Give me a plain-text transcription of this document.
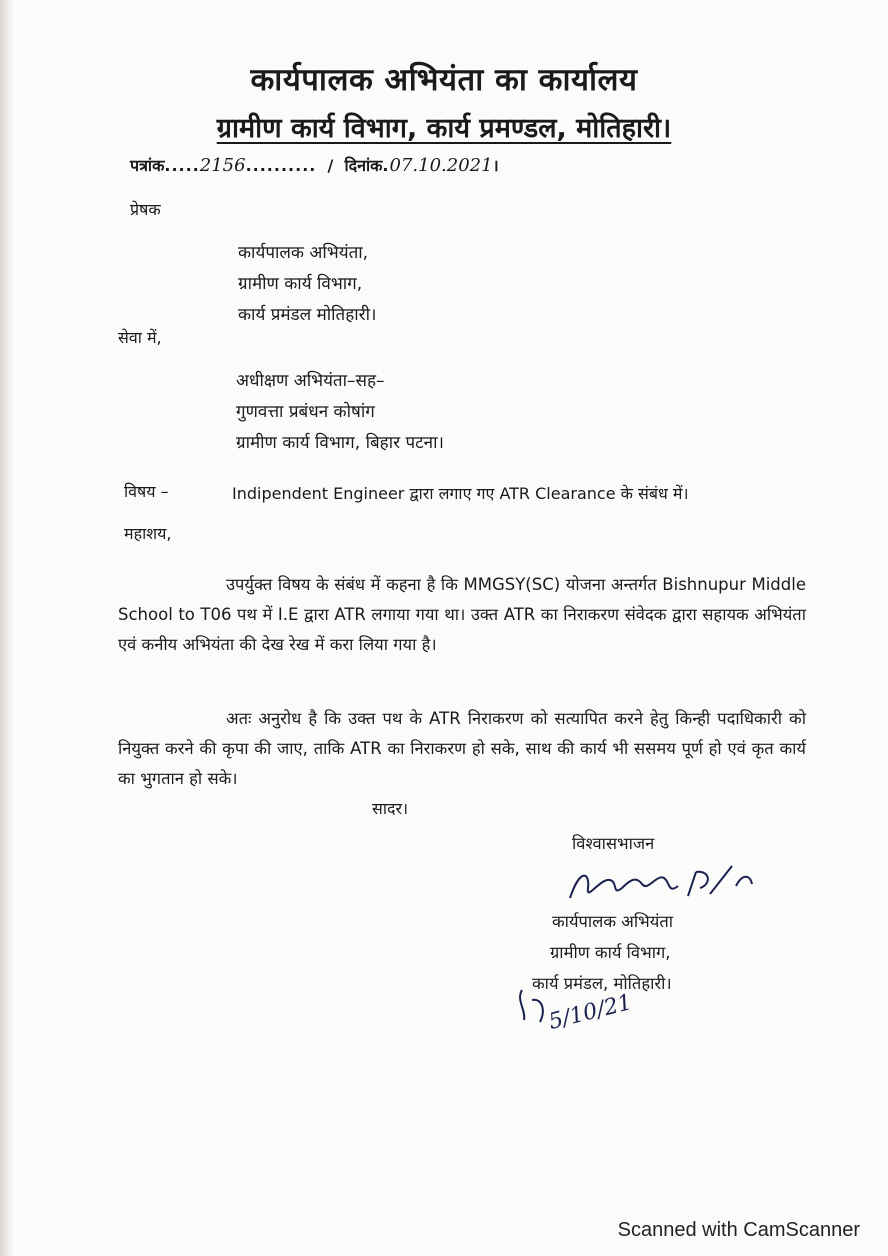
कार्यपालक अभियंता का कार्यालय
ग्रामीण कार्य विभाग, कार्य प्रमण्डल, मोतिहारी।
पत्रांक.....2156..........  /  दिनांक.07.10.2021।
प्रेषक
कार्यपालक अभियंता,
ग्रामीण कार्य विभाग,
कार्य प्रमंडल मोतिहारी।
सेवा में,
अधीक्षण अभियंता–सह–
गुणवत्ता प्रबंधन कोषांग
ग्रामीण कार्य विभाग, बिहार पटना।
विषय –	Indipendent Engineer द्वारा लगाए गए ATR Clearance के संबंध में।
महाशय,

उपर्युक्त विषय के संबंध में कहना है कि MMGSY(SC) योजना अन्तर्गत Bishnupur Middle School to T06 पथ में I.E द्वारा ATR लगाया गया था। उक्त ATR का निराकरण संवेदक द्वारा सहायक अभियंता एवं कनीय अभियंता की देख रेख में करा लिया गया है।

अतः अनुरोध है कि उक्त पथ के ATR निराकरण को सत्यापित करने हेतु किन्ही पदाधिकारी को नियुक्त करने की कृपा की जाए, ताकि ATR का निराकरण हो सके, साथ की कार्य भी ससमय पूर्ण हो एवं कृत कार्य का भुगतान हो सके।

सादर।
विश्वासभाजन
कार्यपालक अभियंता
ग्रामीण कार्य विभाग,
कार्य प्रमंडल, मोतिहारी।
5/10/21
Scanned with CamScanner
